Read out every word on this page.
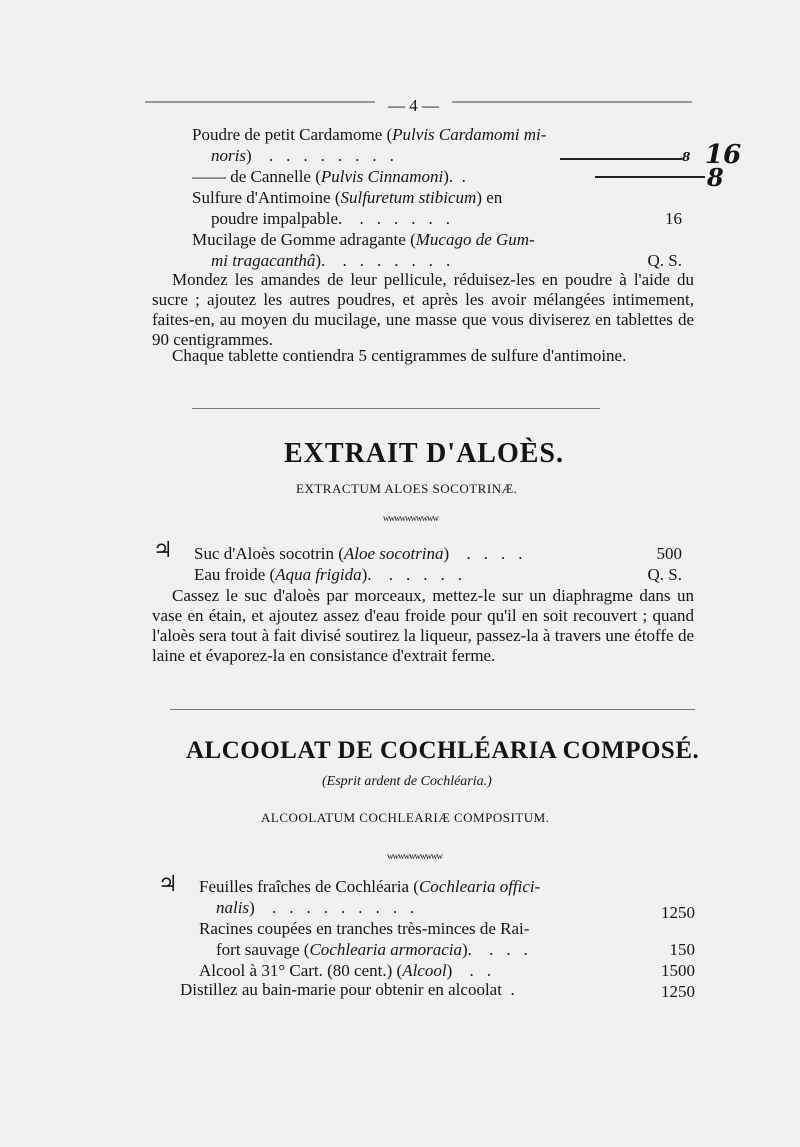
— 4 —
Poudre de petit Cardamome (Pulvis Cardamomi mi-
noris) ........	8 16
—— de Cannelle (Pulvis Cinnamoni).  .	8
Sulfure d'Antimoine (Sulfuretum stibicum) en
poudre impalpable. ......	16
Mucilage de Gomme adragante (Mucago de Gum-
mi tragacanthâ). .......	Q. S.
Mondez les amandes de leur pellicule, réduisez-les en poudre à l'aide du sucre ; ajoutez les autres poudres, et après les avoir mélangées intimement, faites-en, au moyen du mucilage, une masse que vous diviserez en tablettes de 90 centigrammes.
Chaque tablette contiendra 5 centigrammes de sulfure d'antimoine.
EXTRAIT D'ALOÈS.
EXTRACTUM ALOES SOCOTRINÆ.
wwwwwwwwww
♃ Suc d'Aloès socotrin (Aloe socotrina) ....	500
Eau froide (Aqua frigida). .....	Q. S.
Cassez le suc d'aloès par morceaux, mettez-le sur un diaphragme dans un vase en étain, et ajoutez assez d'eau froide pour qu'il en soit recouvert ; quand l'aloès sera tout à fait divisé soutirez la liqueur, passez-la à travers une étoffe de laine et évaporez-la en consistance d'extrait ferme.
ALCOOLAT DE COCHLÉARIA COMPOSÉ.
(Esprit ardent de Cochléaria.)
ALCOOLATUM COCHLEARIÆ COMPOSITUM.
wwwwwwwwww
♃ Feuilles fraîches de Cochléaria (Cochlearia offici-
nalis) .........	1250
Racines coupées en tranches très-minces de Rai-
fort sauvage (Cochlearia armoracia). ...	150
Alcool à 31° Cart. (80 cent.) (Alcool) ..	1500
Distillez au bain-marie pour obtenir en alcoolat  .	1250
